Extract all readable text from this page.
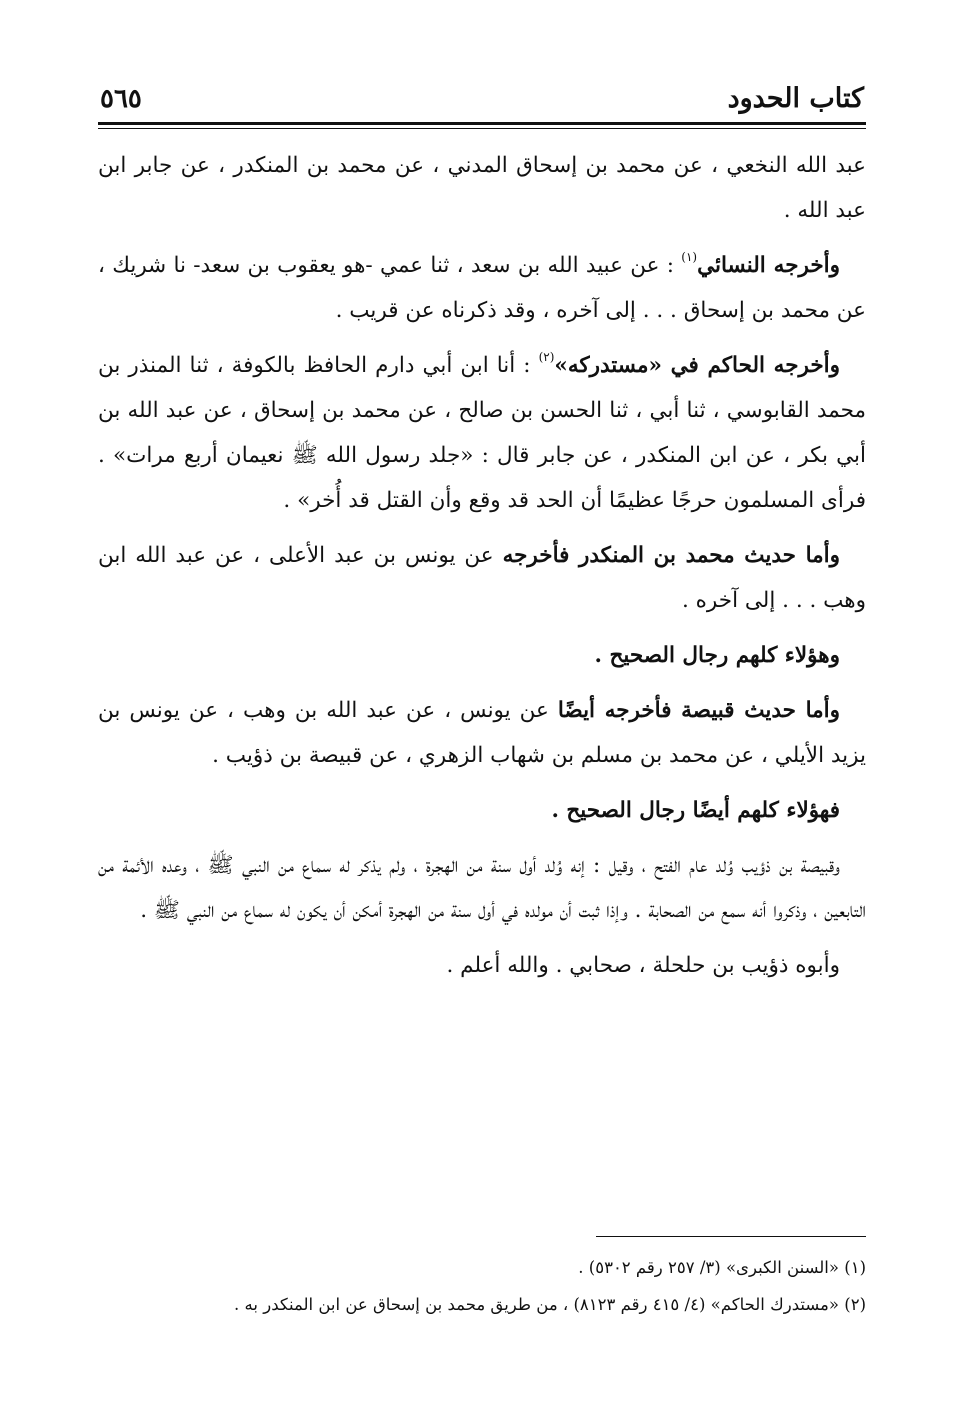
كتاب الحدود
٥٦٥

عبد الله النخعي ، عن محمد بن إسحاق المدني ، عن محمد بن المنكدر ، عن جابر ابن عبد الله .

وأخرجه النسائي$^{(١)}$ : عن عبيد الله بن سعد ، ثنا عمي -هو يعقوب بن سعد- نا شريك ، عن محمد بن إسحاق . . . إلى آخره ، وقد ذكرناه عن قريب .

وأخرجه الحاكم في «مستدركه»$^{(٢)}$ : أنا ابن أبي دارم الحافظ بالكوفة ، ثنا المنذر بن محمد القابوسي ، ثنا أبي ، ثنا الحسن بن صالح ، عن محمد بن إسحاق ، عن عبد الله بن أبي بكر ، عن ابن المنكدر ، عن جابر قال : «جلد رسول الله ﷺ نعيمان أربع مرات» . فرأى المسلمون حرجًا عظيمًا أن الحد قد وقع وأن القتل قد أُخر» .

وأما حديث محمد بن المنكدر فأخرجه عن يونس بن عبد الأعلى ، عن عبد الله ابن وهب . . . إلى آخره .

وهؤلاء كلهم رجال الصحيح .

وأما حديث قبيصة فأخرجه أيضًا عن يونس ، عن عبد الله بن وهب ، عن يونس بن يزيد الأيلي ، عن محمد بن مسلم بن شهاب الزهري ، عن قبيصة بن ذؤيب .

فهؤلاء كلهم أيضًا رجال الصحيح .

وقبيصة بن ذؤيب وُلد عام الفتح ، وقيل : إنه وُلد أول سنة من الهجرة ، ولم يذكر له سماع من النبي ﷺ ، وعده الأئمة من التابعين ، وذكروا أنه سمع من الصحابة . وإذا ثبت أن مولده في أول سنة من الهجرة أمكن أن يكون له سماع من النبي ﷺ .

وأبوه ذؤيب بن حلحلة ، صحابي . والله أعلم .

(١) «السنن الكبرى» (٣/ ٢٥٧ رقم ٥٣٠٢) .

(٢) «مستدرك الحاكم» (٤/ ٤١٥ رقم ٨١٢٣) ، من طريق محمد بن إسحاق عن ابن المنكدر به .
